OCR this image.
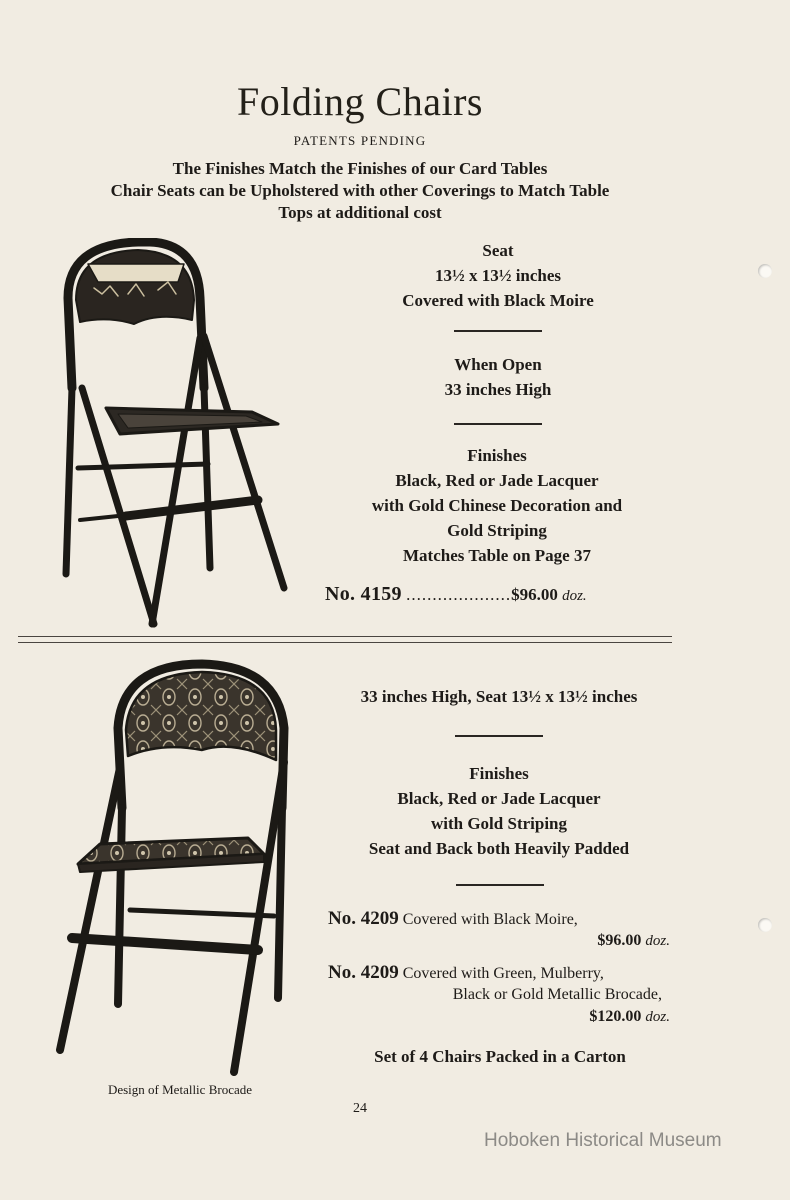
Folding Chairs
PATENTS PENDING
The Finishes Match the Finishes of our Card Tables
Chair Seats can be Upholstered with other Coverings to Match Table
Tops at additional cost
Seat
13½ x 13½ inches
Covered with Black Moire
When Open
33 inches High
Finishes
Black, Red or Jade Lacquer
with Gold Chinese Decoration and
Gold Striping
Matches Table on Page 37
No. 4159 ....................$96.00 doz.
33 inches High, Seat 13½ x 13½ inches
Finishes
Black, Red or Jade Lacquer
with Gold Striping
Seat and Back both Heavily Padded
No. 4209 Covered with Black Moire,
$96.00 doz.
No. 4209 Covered with Green, Mulberry,
Black or Gold Metallic Brocade,
$120.00 doz.
Set of 4 Chairs Packed in a Carton
Design of Metallic Brocade
24
Hoboken Historical Museum
